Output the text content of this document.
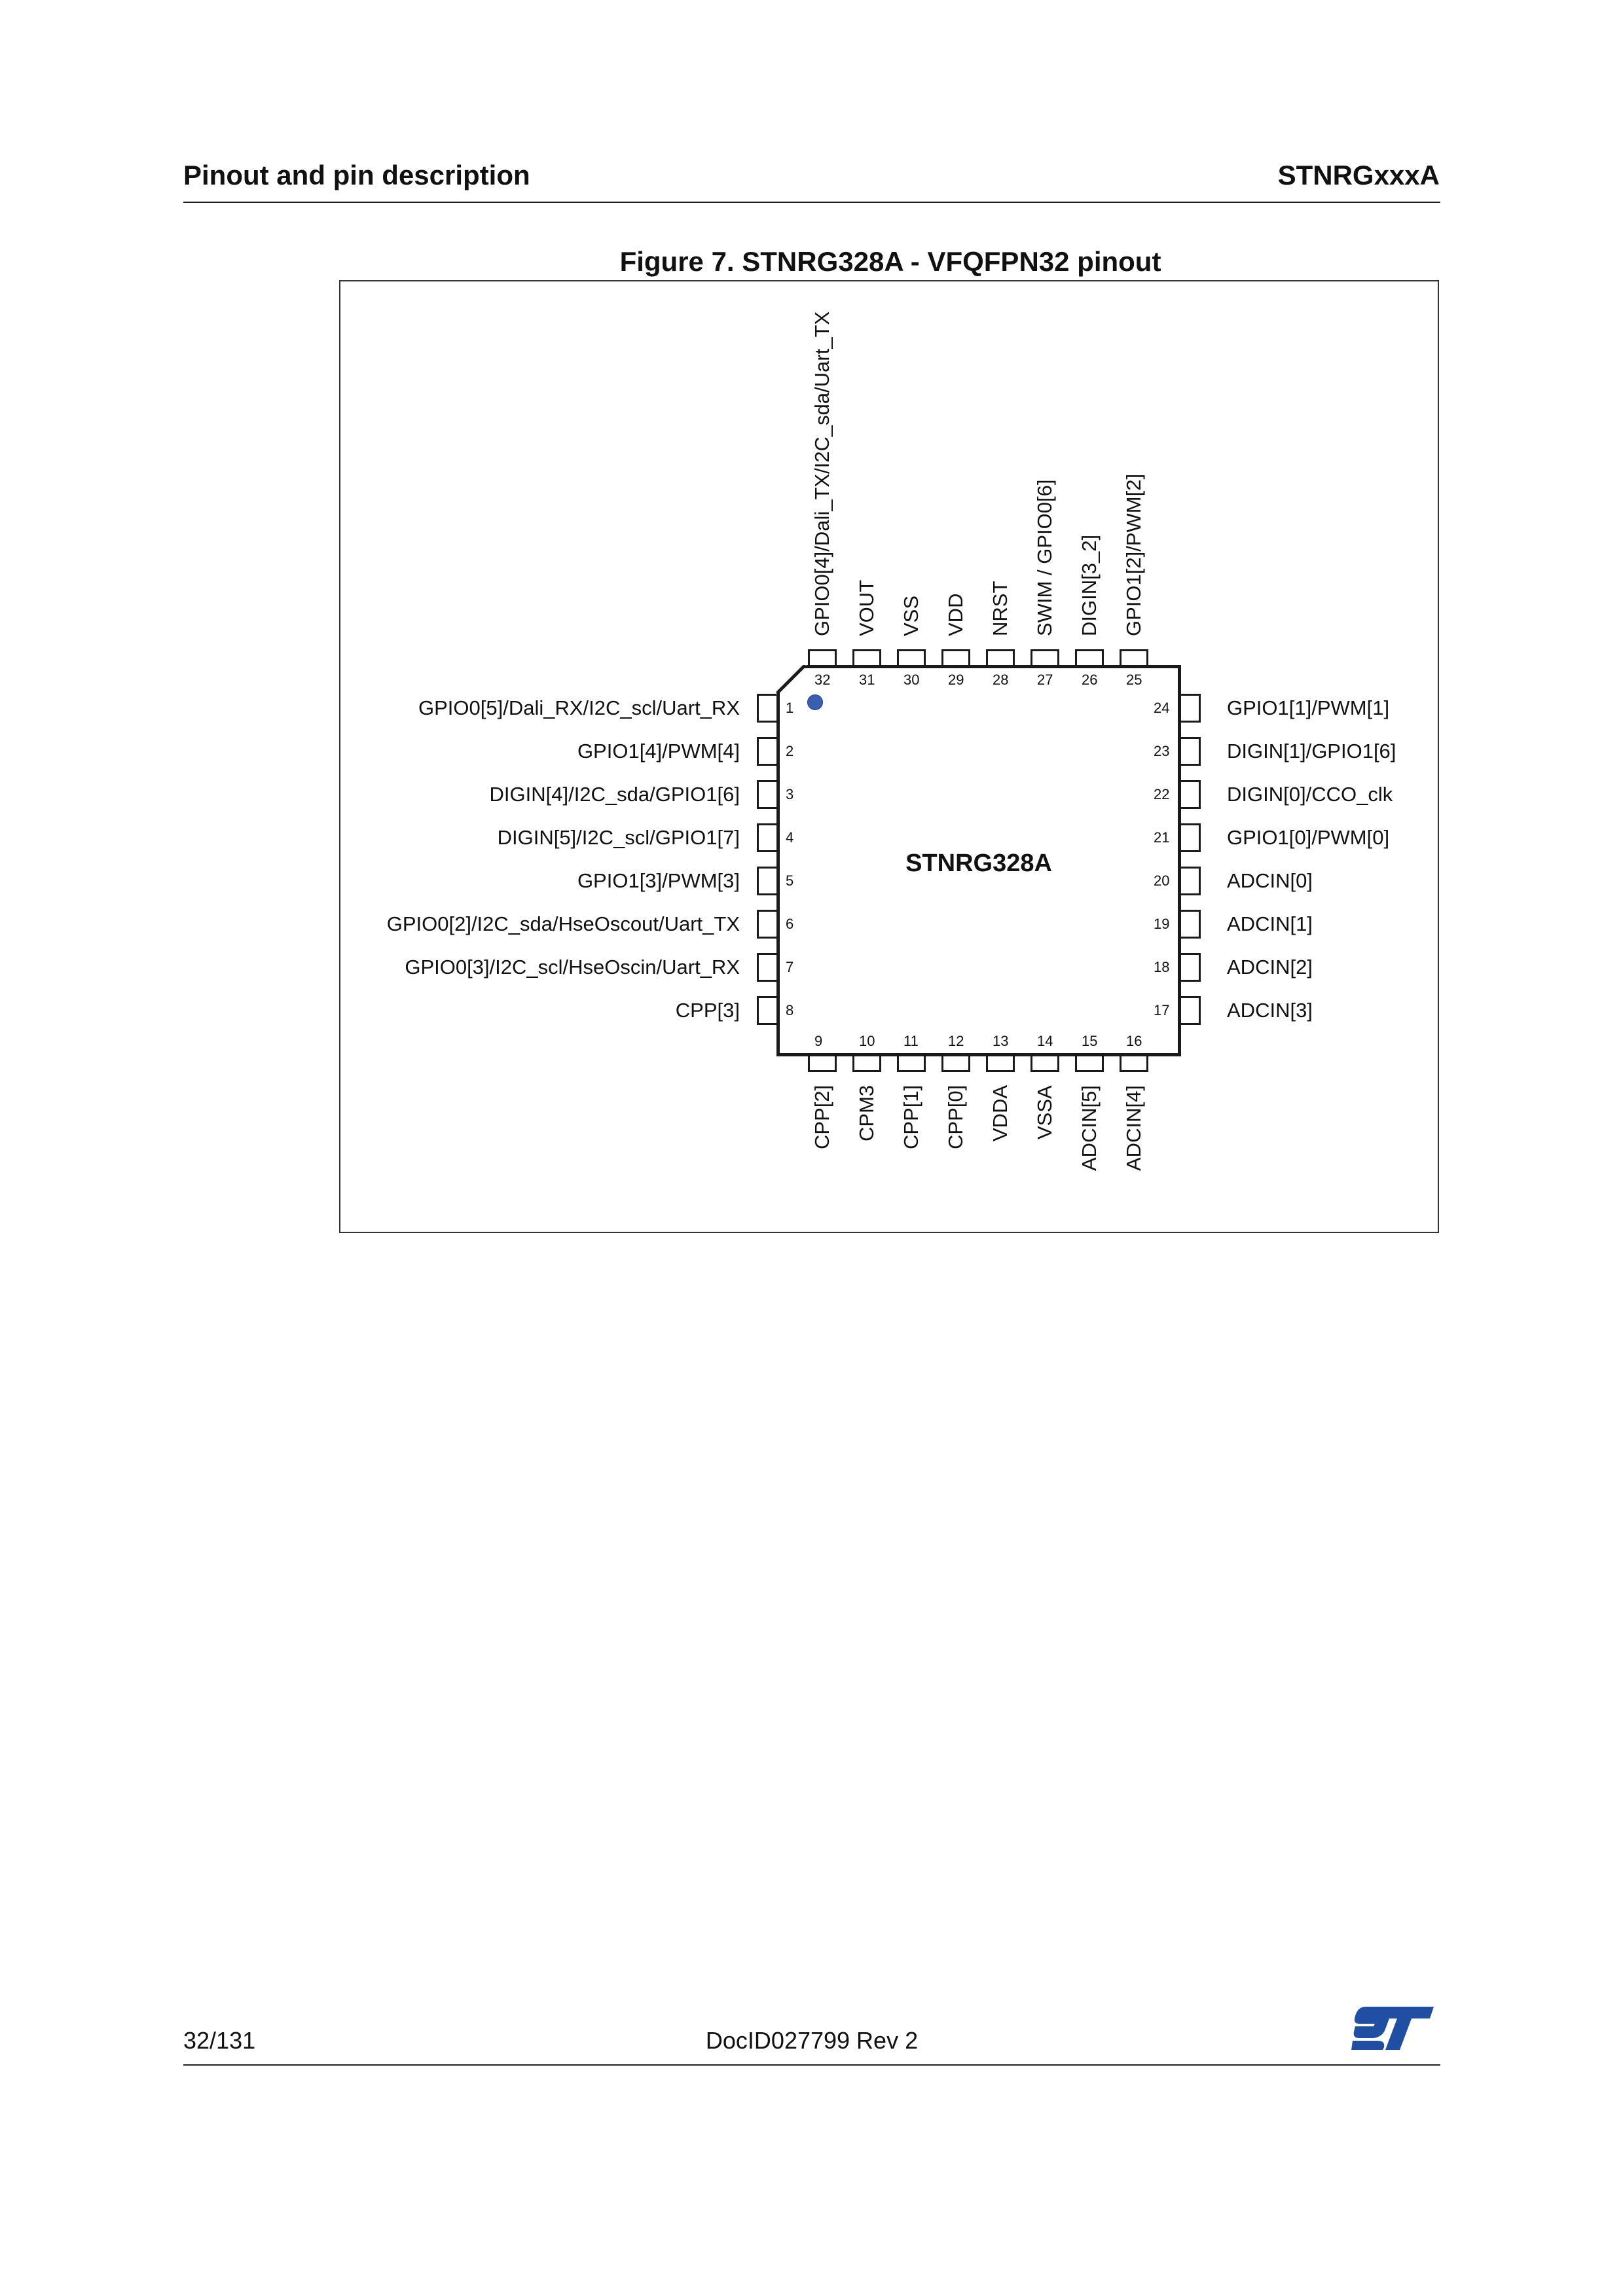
Pinout and pin description	STNRGxxxA
Figure 7. STNRG328A - VFQFPN32 pinout
STNRG328A
1
GPIO0[5]/Dali_RX/I2C_scl/Uart_RX
2
GPIO1[4]/PWM[4]
3
DIGIN[4]/I2C_sda/GPIO1[6]
4
DIGIN[5]/I2C_scl/GPIO1[7]
5
GPIO1[3]/PWM[3]
6
GPIO0[2]/I2C_sda/HseOscout/Uart_TX
7
GPIO0[3]/I2C_scl/HseOscin/Uart_RX
8
CPP[3]
24	GPIO1[1]/PWM[1]
23	DIGIN[1]/GPIO1[6]
22	DIGIN[0]/CCO_clk
21	GPIO1[0]/PWM[0]
20	ADCIN[0]
19	ADCIN[1]
18	ADCIN[2]
17	ADCIN[3]
32
GPIO0[4]/Dali_TX/I2C_sda/Uart_TX
31
VOUT
30
VSS
29
VDD
28
NRST
27
SWIM / GPIO0[6]
26
DIGIN[3_2]
25
GPIO1[2]/PWM[2]
9
CPP[2]
10
CPM3
11
CPP[1]
12
CPP[0]
13
VDDA
14
VSSA
15
ADCIN[5]
16
ADCIN[4]
32/131	DocID027799 Rev 2
